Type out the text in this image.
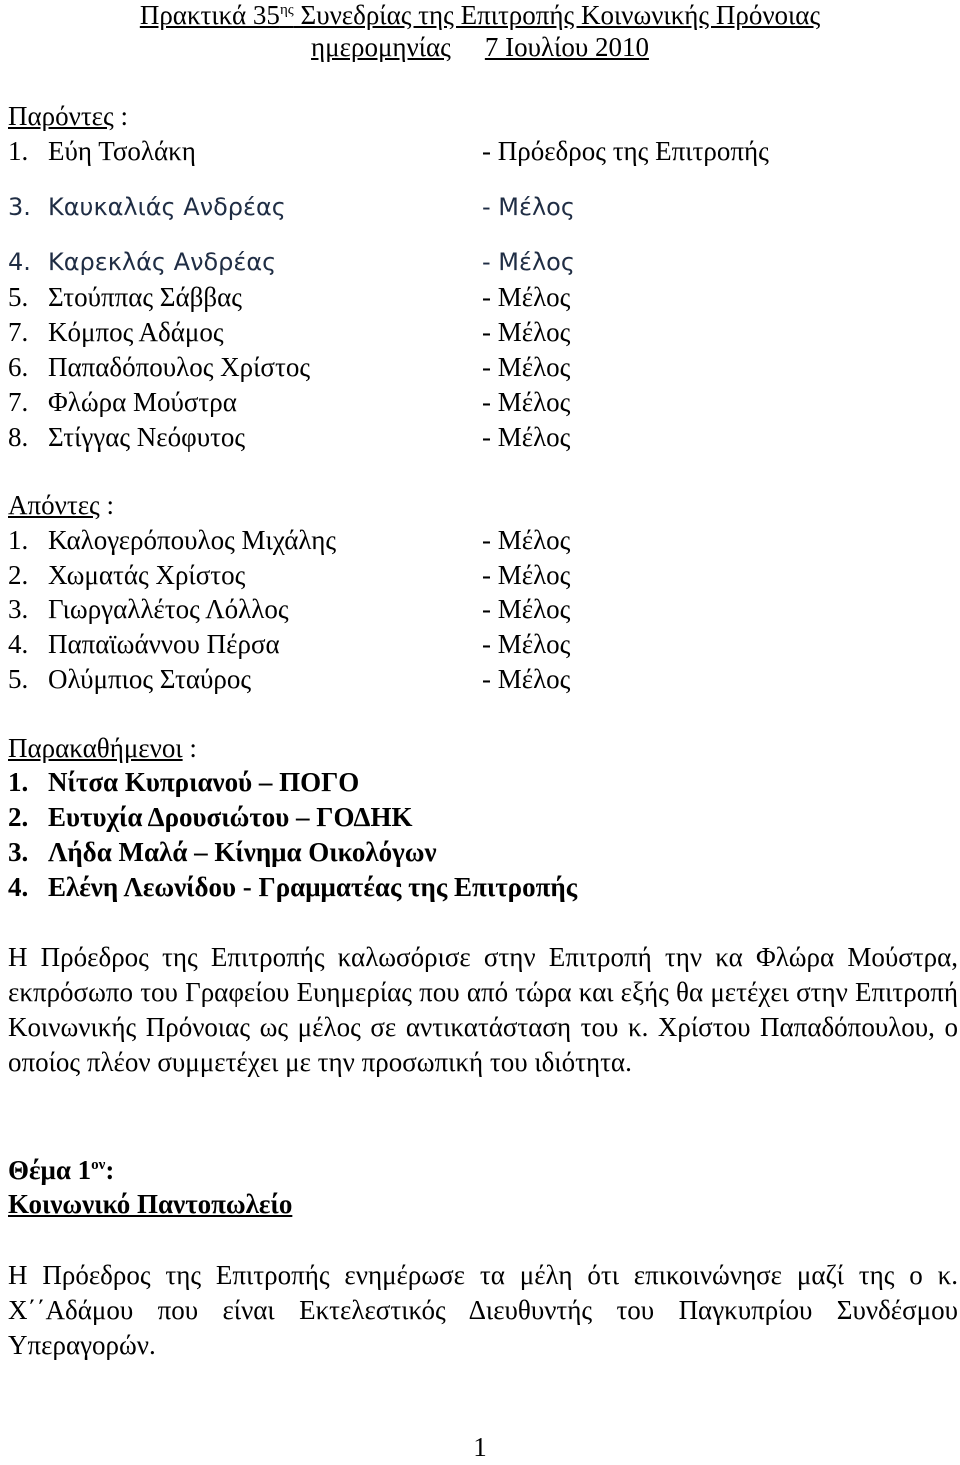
Πρακτικά $35^{\eta\varsigma}$ Συνεδρίας της Επιτροπής Κοινωνικής Πρόνοιας
ημερομηνίας 7 Ιουλίου 2010
Παρόντες :
1. Εύη Τσολάκη	- Πρόεδρος της Επιτροπής
3. Καυκαλιάς Ανδρέας	- Μέλος
4. Καρεκλάς Ανδρέας	- Μέλος
5. Στούππας Σάββας	- Μέλος
7. Κόμπος Αδάμος	- Μέλος
6. Παπαδόπουλος Χρίστος	- Μέλος
7. Φλώρα Μούστρα	- Μέλος
8. Στίγγας Νεόφυτος	- Μέλος
Απόντες :
1. Καλογερόπουλος Μιχάλης	- Μέλος
2. Χωματάς Χρίστος	- Μέλος
3. Γιωργαλλέτος Λόλλος	- Μέλος
4. Παπαϊωάννου Πέρσα	- Μέλος
5. Ολύμπιος Σταύρος	- Μέλος
Παρακαθήμενοι :
1. Νίτσα Κυπριανού – ΠΟΓΟ
2. Ευτυχία Δρουσιώτου – ΓΟΔΗΚ
3. Λήδα Μαλά – Κίνημα Οικολόγων
4. Ελένη Λεωνίδου - Γραμματέας της Επιτροπής
Η Πρόεδρος της Επιτροπής καλωσόρισε στην Επιτροπή την κα Φλώρα Μούστρα, εκπρόσωπο του Γραφείου Ευημερίας που από τώρα και εξής θα μετέχει στην Επιτροπή Κοινωνικής Πρόνοιας ως μέλος σε αντικατάσταση του κ. Χρίστου Παπαδόπουλου, ο οποίος πλέον συμμετέχει με την προσωπική του ιδιότητα.
Θέμα $1^{o\nu}$:
Κοινωνικό Παντοπωλείο
Η Πρόεδρος της Επιτροπής ενημέρωσε τα μέλη ότι επικοινώνησε μαζί της ο κ. Χ΄΄Αδάμου που είναι Εκτελεστικός Διευθυντής του Παγκυπρίου Συνδέσμου Υπεραγορών.
1
